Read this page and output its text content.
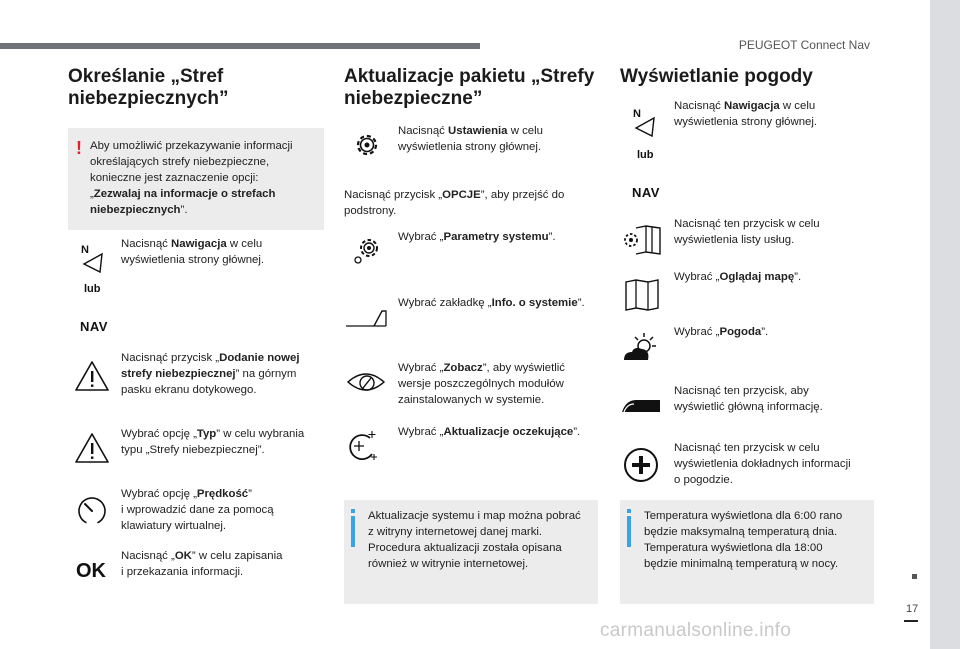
PEUGEOT Connect Nav
17
carmanualsonline.info
Określanie „Stref
niebezpiecznych”
! Aby umożliwić przekazywanie informacji
określających strefy niebezpieczne,
konieczne jest zaznaczenie opcji:
„Zezwalaj na informacje o strefach
niebezpiecznych”.
N	Nacisnąć Nawigacja w celu
wyświetlenia strony głównej.
lub
NAV
Nacisnąć przycisk „Dodanie nowej
strefy niebezpiecznej” na górnym
pasku ekranu dotykowego.
Wybrać opcję „Typ” w celu wybrania
typu „Strefy niebezpiecznej”.
Wybrać opcję „Prędkość”
i wprowadzić dane za pomocą
klawiatury wirtualnej.
OK
Nacisnąć „OK” w celu zapisania
i przekazania informacji.
Aktualizacje pakietu „Strefy
niebezpieczne”
Nacisnąć Ustawienia w celu
wyświetlenia strony głównej.
Nacisnąć przycisk „OPCJE”, aby przejść do
podstrony.
Wybrać „Parametry systemu”.
Wybrać zakładkę „Info. o systemie”.
Wybrać „Zobacz”, aby wyświetlić
wersje poszczególnych modułów
zainstalowanych w systemie.
Wybrać „Aktualizacje oczekujące”.
Aktualizacje systemu i map można pobrać
z witryny internetowej danej marki.
Procedura aktualizacji została opisana
również w witrynie internetowej.
Wyświetlanie pogody
N
Nacisnąć Nawigacja w celu
wyświetlenia strony głównej.
lub
NAV
Nacisnąć ten przycisk w celu
wyświetlenia listy usług.
Wybrać „Oglądaj mapę”.
Wybrać „Pogoda”.
Nacisnąć ten przycisk, aby
wyświetlić główną informację.
Nacisnąć ten przycisk w celu
wyświetlenia dokładnych informacji
o pogodzie.
Temperatura wyświetlona dla 6:00 rano
będzie maksymalną temperaturą dnia.
Temperatura wyświetlona dla 18:00
będzie minimalną temperaturą w nocy.
